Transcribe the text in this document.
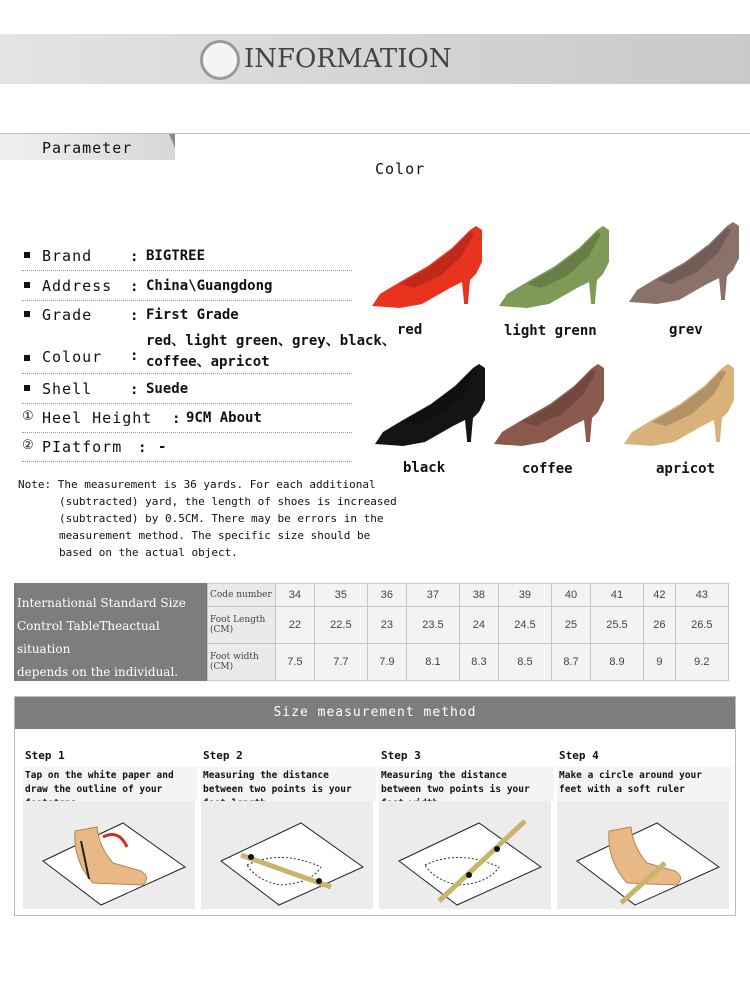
INFORMATION
Parameter
Color
Brand	: BIGTREE
Address : China\Guangdong
Grade	: First Grade
Colour :
red、light green、grey、black、
coffee、apricot
Shell	: Suede
① Heel Height : 9CM About
② PIatform : -
Note: The measurement is 36 yards. For each additional
(subtracted) yard, the length of shoes is increased
(subtracted) by 0.5CM. There may be errors in the
measurement method. The specific size should be
based on the actual object.
red	light grenn	grev
black	coffee	apricot
International Standard Size
Control TableTheactual situation
depends on the individual.
Code number	34	35	36	37	38	39	40	41	42	43
Foot Length (CM)	22	22.5	23	23.5	24	24.5	25	25.5	26	26.5
Foot width (CM)	7.5	7.7	7.9	8.1	8.3	8.5	8.7	8.9	9	9.2
Size measurement method
Step 1
Tap on the white paper and draw the outline of your
Step 2
Measuring the distance between two points is your
Step 3
Measuring the distance between two points is your
Step 4
Make a circle around your feet with a soft ruler
